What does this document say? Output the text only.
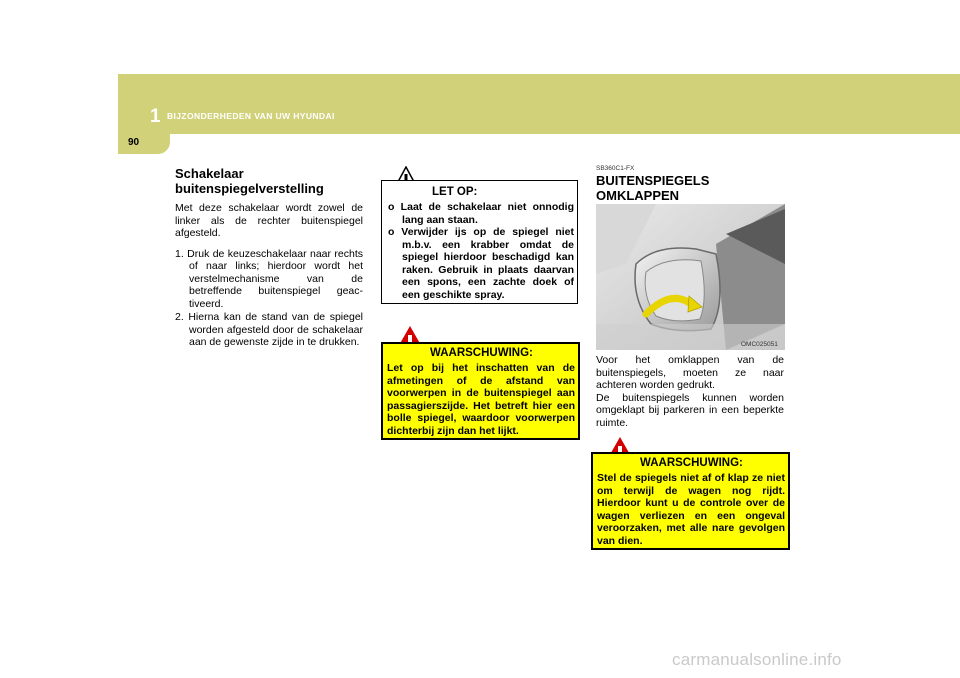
1 BIJZONDERHEDEN VAN UW HYUNDAI
90

Schakelaar buitenspiegelverstelling

Met deze schakelaar wordt zowel de linker als de rechter buitenspiegel afgesteld.

1. Druk de keuzeschakelaar naar rechts of naar links; hierdoor wordt het verstelmechanisme van de betreffende buitenspiegel geac-tiveerd.
2. Hierna kan de stand van de spiegel worden afgesteld door de schakelaar aan de gewenste zijde in te drukken.
LET OP:
o Laat de schakelaar niet onnodig lang aan staan.
o Verwijder ijs op de spiegel niet m.b.v. een krabber omdat de spiegel hierdoor beschadigd kan raken. Gebruik in plaats daarvan een spons, een zachte doek of een geschikte spray.
WAARSCHUWING:

Let op bij het inschatten van de afmetingen of de afstand van voorwerpen in de buitenspiegel aan passagierszijde. Het betreft hier een bolle spiegel, waardoor voorwerpen dichterbij zijn dan het lijkt.

SB360C1-FX

BUITENSPIEGELS OMKLAPPEN

OMC025051

Voor het omklappen van de buitenspiegels, moeten ze naar achteren worden gedrukt.

De buitenspiegels kunnen worden omgeklapt bij parkeren in een beperkte ruimte.

WAARSCHUWING:

Stel de spiegels niet af of klap ze niet om terwijl de wagen nog rijdt. Hierdoor kunt u de controle over de wagen verliezen en een ongeval veroorzaken, met alle nare gevolgen van dien.

carmanualsonline.info
